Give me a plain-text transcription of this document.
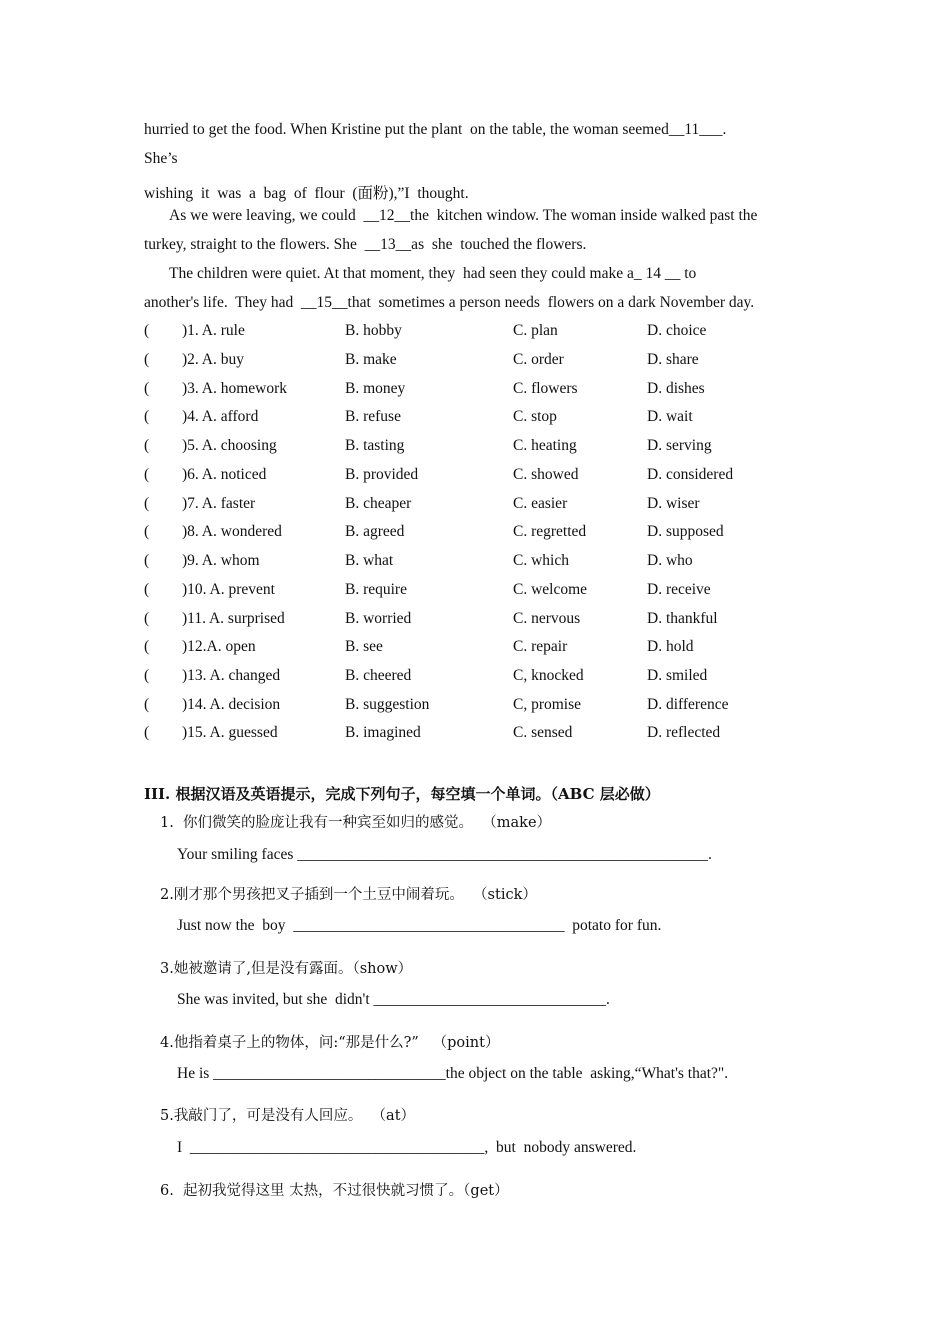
hurried to get the food. When Kristine put the plant  on the table, the woman seemed__11___.
She’s
wishing  it  was  a  bag  of  flour  (面粉),”I  thought.
As we were leaving, we could  __12__the  kitchen window. The woman inside walked past the
turkey, straight to the flowers. She  __13__as  she  touched the flowers.
The children were quiet. At that moment, they  had seen they could make a_ 14 __ to
another's life.  They had  __15__that  sometimes a person needs  flowers on a dark November day.
( )1. A. rule	B. hobby	C. plan	D. choice
( )2. A. buy	B. make	C. order	D. share
( )3. A. homework	B. money	C. flowers	D. dishes
( )4. A. afford	B. refuse	C. stop	D. wait
( )5. A. choosing	B. tasting	C. heating	D. serving
( )6. A. noticed	B. provided	C. showed	D. considered
( )7. A. faster	B. cheaper	C. easier	D. wiser
( )8. A. wondered	B. agreed	C. regretted	D. supposed
( )9. A. whom	B. what	C. which	D. who
( )10. A. prevent	B. require	C. welcome	D. receive
( )11. A. surprised	B. worried	C. nervous	D. thankful
( )12.A. open	B. see	C. repair	D. hold
( )13. A. changed	B. cheered	C, knocked	D. smiled
( )14. A. decision	B. suggestion	C, promise	D. difference
( )15. A. guessed	B. imagined	C. sensed	D. reflected
III. 根据汉语及英语提示，完成下列句子，每空填一个单词。（ABC 层必做）
1.  你们微笑的脸庞让我有一种宾至如归的感觉。  （make）
Your smiling faces _____________________________________________________.
2.刚才那个男孩把叉子插到一个土豆中闹着玩。  （stick）
Just now the  boy  ___________________________________  potato for fun.
3.她被邀请了,但是没有露面。（show）
She was invited, but she  didn't ______________________________.
4.他指着桌子上的物体，问:“那是什么?”   （point）
He is ______________________________the object on the table  asking,“What's that?".
5.我敲门了，可是没有人回应。  （at）
I  ______________________________________,  but  nobody answered.
6.  起初我觉得这里 太热，不过很快就习惯了。（get）
